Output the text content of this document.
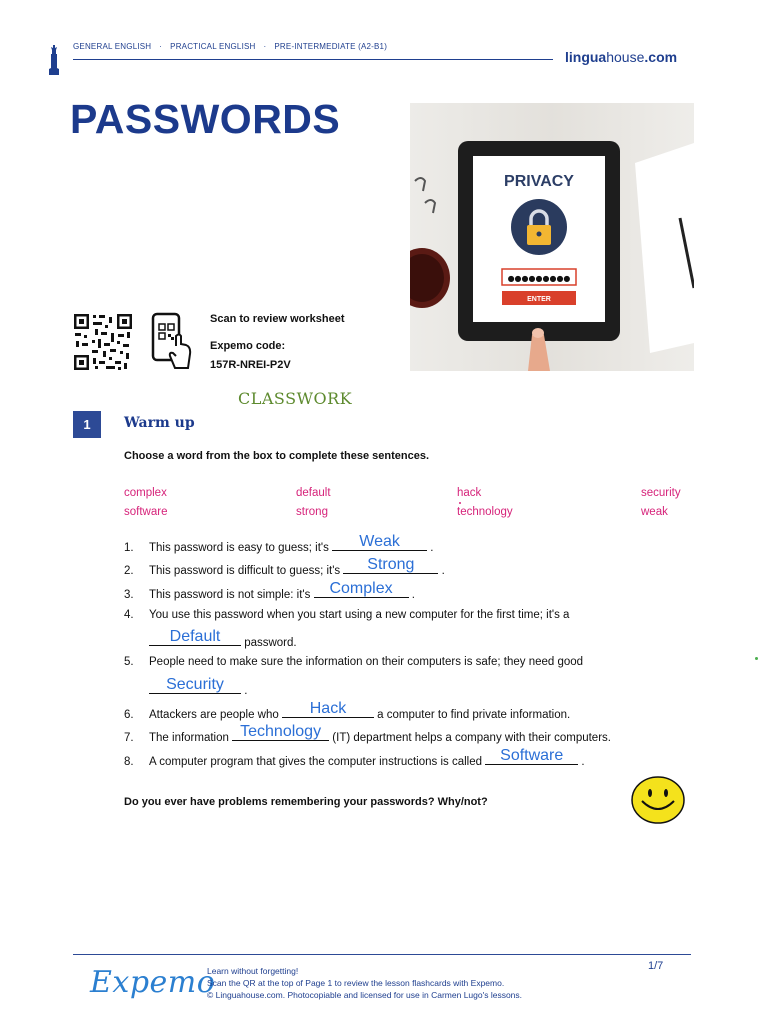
GENERAL ENGLISH · PRACTICAL ENGLISH · PRE-INTERMEDIATE (A2-B1)
linguahouse.com
PASSWORDS
PRIVACY
●●●●●●●●●
ENTER
Scan to review worksheet
Expemo code:
157R-NREI-P2V
CLASSWORK
1	Warm up
Choose a word from the box to complete these sentences.
complex	default	hack	security
software	strong	technology	weak
1. This password is easy to guess; it's	Weak	.
2. This password is difficult to guess; it's	Strong	.
3. This password is not simple: it's Complex	.
4. You use this password when you start using a new computer for the first time; it's a
Default	password.
5. People need to make sure the information on their computers is safe; they need good
Security	.
6. Attackers are people who	Hack	a computer to find private information.
7. The information Technology (IT) department helps a company with their computers.
8. A computer program that gives the computer instructions is called Software	.
Do you ever have problems remembering your passwords? Why/not?
Expemo
Learn without forgetting!
Scan the QR at the top of Page 1 to review the lesson flashcards with Expemo.
© Linguahouse.com. Photocopiable and licensed for use in Carmen Lugo's lessons.
1/7
